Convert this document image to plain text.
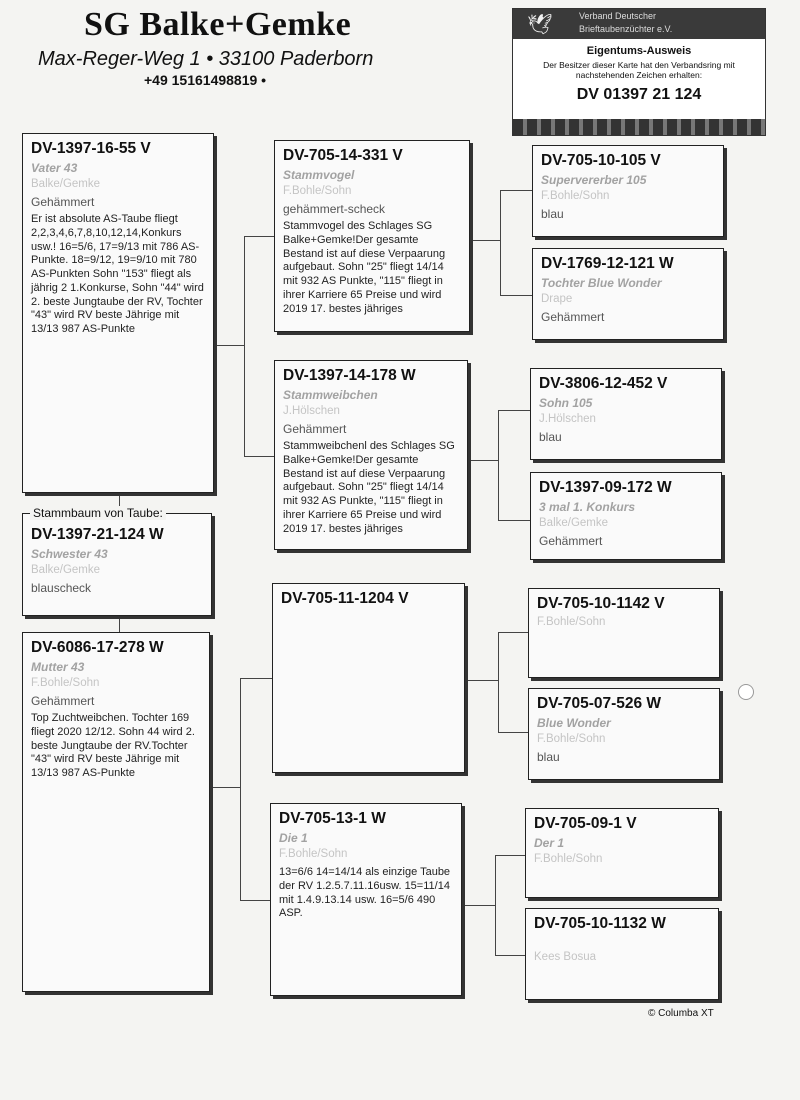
SG Balke+Gemke
Max-Reger-Weg 1 • 33100 Paderborn
+49 15161498819 •
🕊	Verband Deutscher
Brieftaubenzüchter e.V.
Eigentums-Ausweis
Der Besitzer dieser Karte hat den Verbandsring mit nachstehenden Zeichen erhalten:
DV 01397 21 124
DV-1397-16-55 V
Vater 43
Balke/Gemke
Gehämmert
Er ist absolute AS-Taube fliegt 2,2,3,4,6,7,8,10,12,14,Konkurs usw.! 16=5/6, 17=9/13 mit 786 AS-Punkte. 18=9/12, 19=9/10 mit 780 AS-Punkten Sohn "153" fliegt als jährig 2 1.Konkurse, Sohn "44" wird 2. beste Jungtaube der RV, Tochter "43" wird RV beste Jährige mit 13/13 987 AS-Punkte
DV-1397-21-124 W
Schwester 43
Balke/Gemke
blauscheck
Stammbaum von Taube:
DV-6086-17-278 W
Mutter 43
F.Bohle/Sohn
Gehämmert
Top Zuchtweibchen. Tochter 169 fliegt 2020 12/12. Sohn 44 wird 2. beste Jungtaube der RV.Tochter "43" wird RV beste Jährige mit 13/13 987 AS-Punkte
DV-705-14-331 V
Stammvogel
F.Bohle/Sohn
gehämmert-scheck
Stammvogel des Schlages SG Balke+Gemke!Der gesamte Bestand ist auf diese Verpaarung aufgebaut. Sohn "25" fliegt 14/14 mit 932 AS Punkte, "115" fliegt in ihrer Karriere 65 Preise und wird 2019 17. bestes jähriges
DV-1397-14-178 W
Stammweibchen
J.Hölschen
Gehämmert
Stammweibchenl des Schlages SG Balke+Gemke!Der gesamte Bestand ist auf diese Verpaarung aufgebaut. Sohn "25" fliegt 14/14 mit 932 AS Punkte, "115" fliegt in ihrer Karriere 65 Preise und wird 2019 17. bestes jähriges
DV-705-11-1204 V
DV-705-13-1 W
Die 1
F.Bohle/Sohn
13=6/6 14=14/14 als einzige Taube der RV 1.2.5.7.11.16usw. 15=11/14 mit 1.4.9.13.14 usw. 16=5/6 490 ASP.
DV-705-10-105 V
Supervererber 105
F.Bohle/Sohn
blau
DV-1769-12-121 W
Tochter Blue Wonder
Drape
Gehämmert
DV-3806-12-452 V
Sohn 105
J.Hölschen
blau
DV-1397-09-172 W
3 mal 1. Konkurs
Balke/Gemke
Gehämmert
DV-705-10-1142 V
F.Bohle/Sohn
DV-705-07-526 W
Blue Wonder
F.Bohle/Sohn
blau
DV-705-09-1 V
Der 1
F.Bohle/Sohn
DV-705-10-1132 W
Kees Bosua
© Columba XT
